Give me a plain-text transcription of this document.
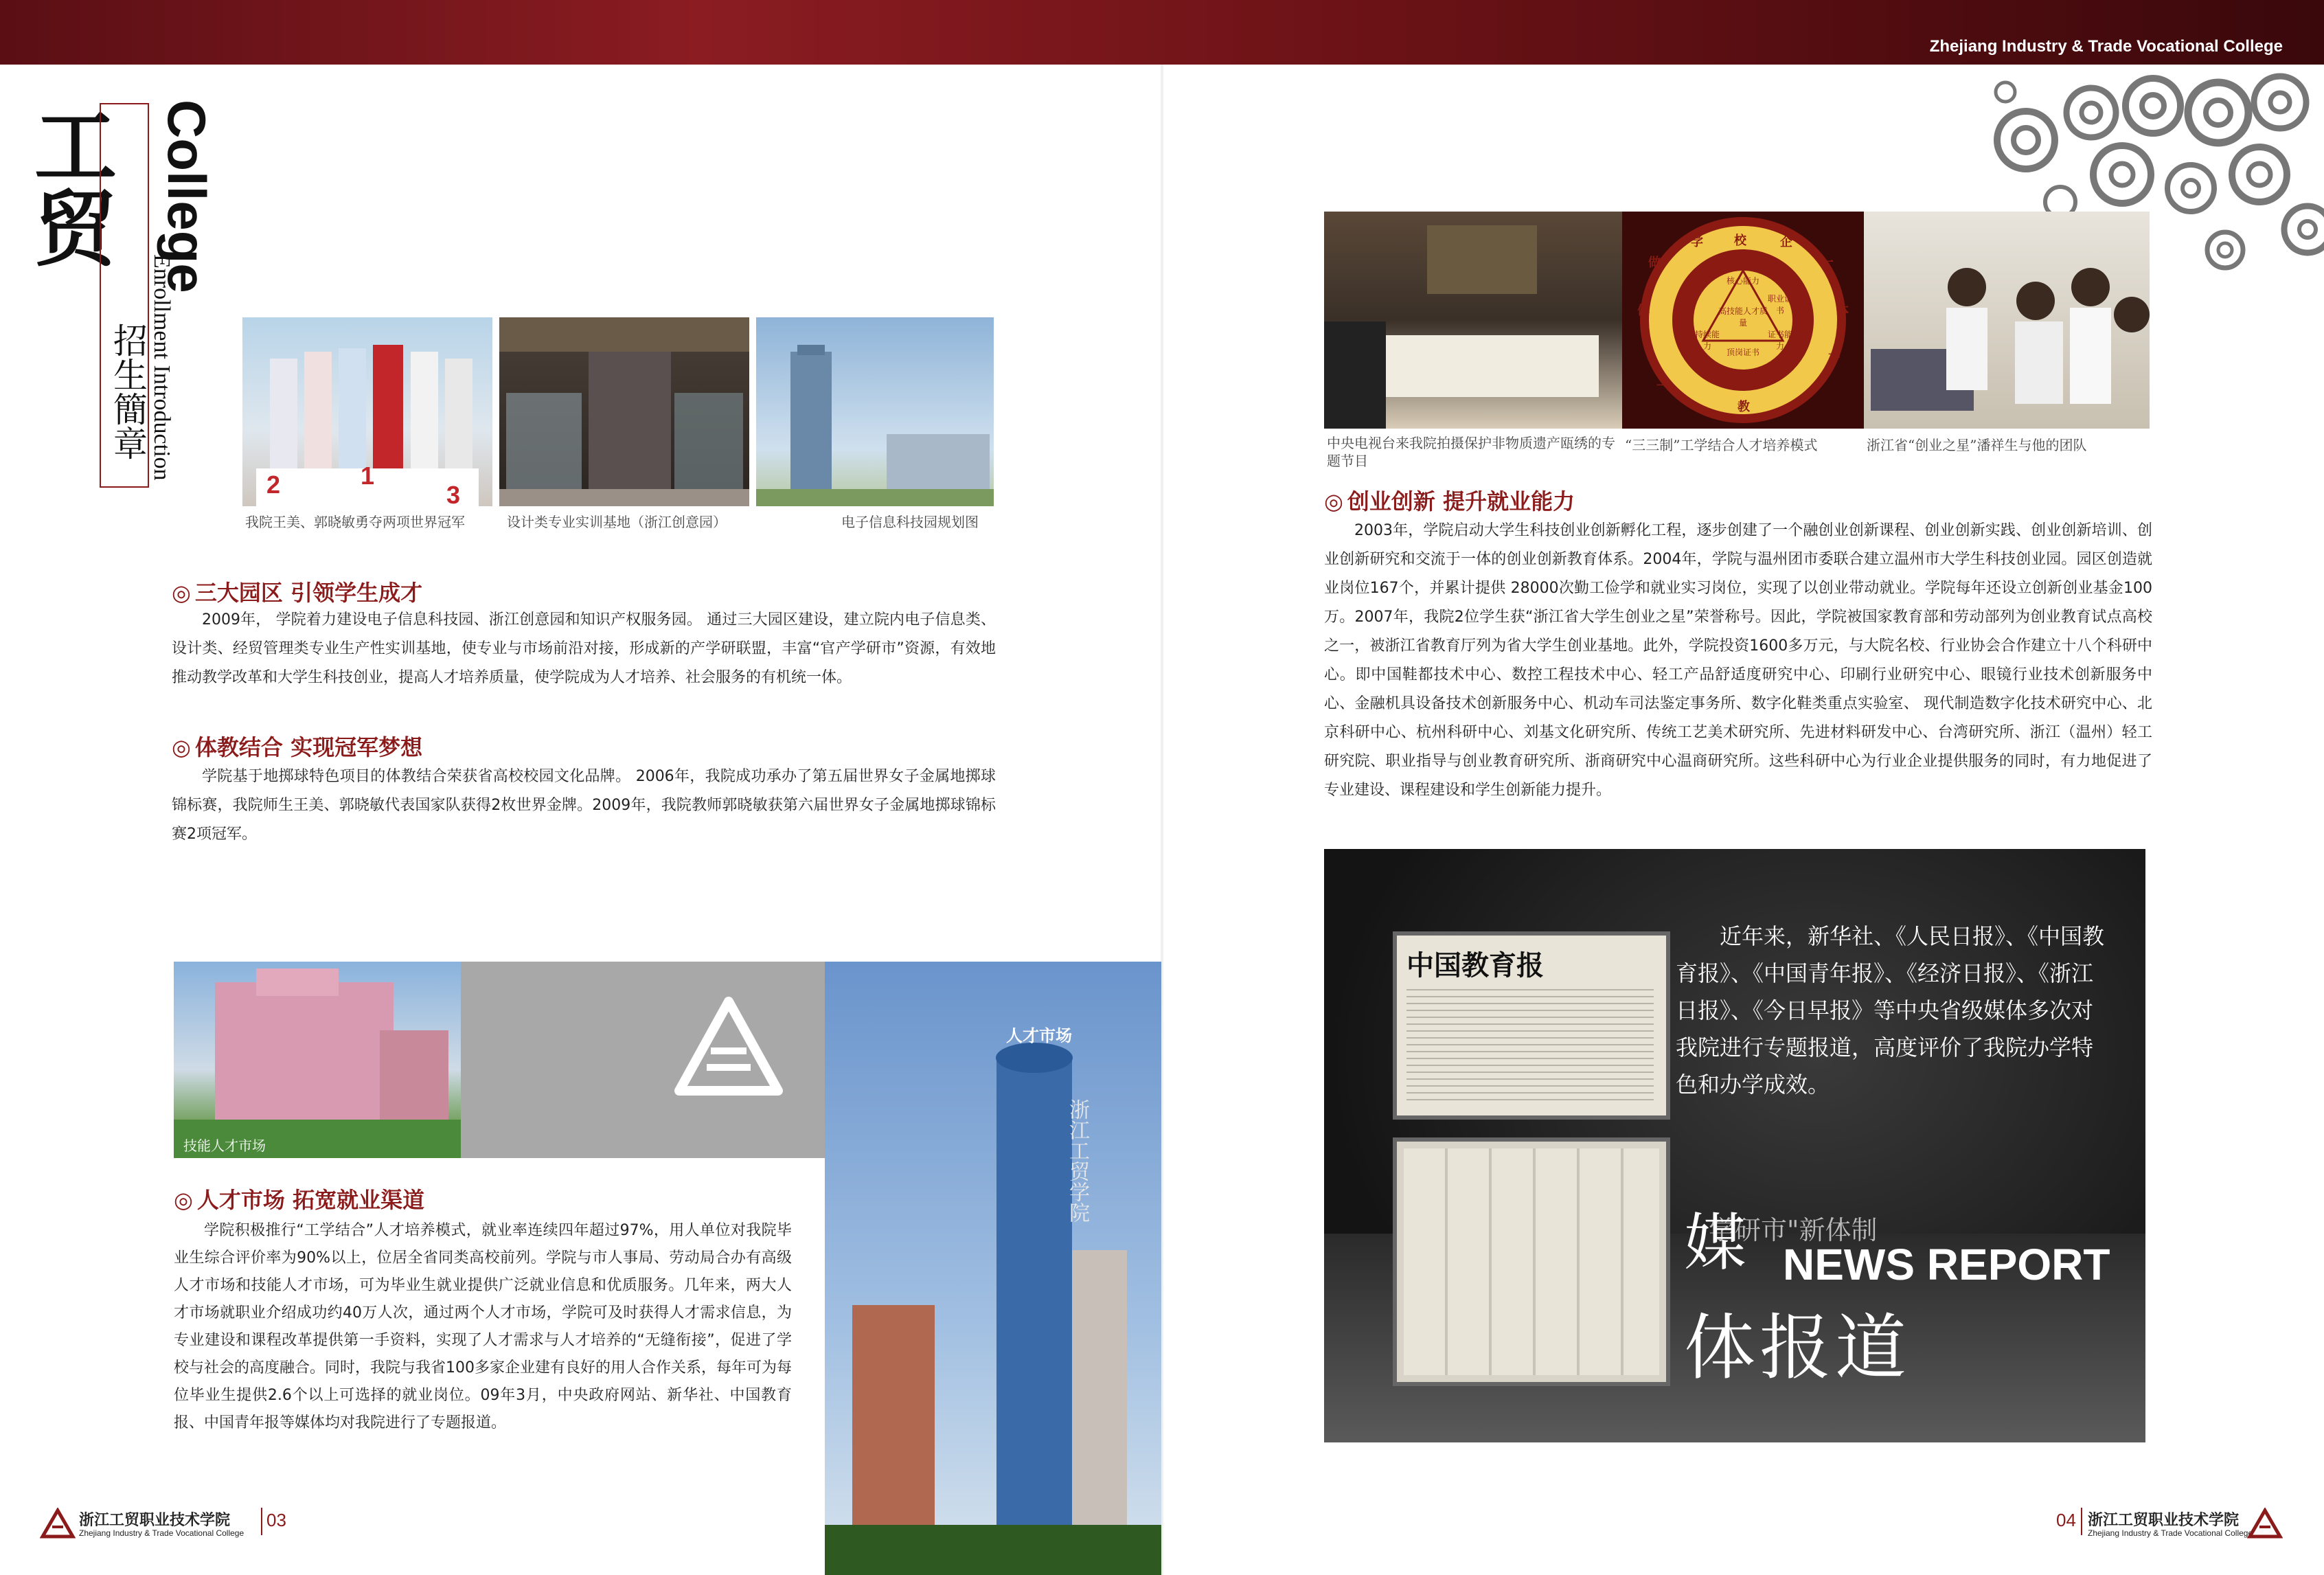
Zhejiang Industry & Trade Vocational College
工贸
招生簡章
College
Enrollment Introduction
2	1
3
我院王美、郭晓敏勇夺两项世界冠军	设计类专业实训基地（浙江创意园）	电子信息科技园规划图
◎ 三大园区 引领学生成才
2009年， 学院着力建设电子信息科技园、浙江创意园和知识产权服务园。 通过三大园区建设，建立院内电子信息类、设计类、经贸管理类专业生产性实训基地，使专业与市场前沿对接，形成新的产学研联盟，丰富“官产学研市”资源，有效地推动教学改革和大学生科技创业，提高人才培养质量，使学院成为人才培养、社会服务的有机统一体。
◎ 体教结合 实现冠军梦想
学院基于地掷球特色项目的体教结合荣获省高校校园文化品牌。 2006年，我院成功承办了第五届世界女子金属地掷球锦标赛，我院师生王美、郭晓敏代表国家队获得2枚世界金牌。2009年，我院教师郭晓敏获第六届世界女子金属地掷球锦标赛2项冠军。
技能人才市场
人才市场
浙江工贸学院
◎ 人才市场 拓宽就业渠道
学院积极推行“工学结合”人才培养模式，就业率连续四年超过97%，用人单位对我院毕业生综合评价率为90%以上，位居全省同类高校前列。学院与市人事局、劳动局合办有高级人才市场和技能人才市场，可为毕业生就业提供广泛就业信息和优质服务。几年来，两大人才市场就职业介绍成功约40万人次，通过两个人才市场，学院可及时获得人才需求信息，为专业建设和课程改革提供第一手资料，实现了人才需求与人才培养的“无缝衔接”，促进了学校与社会的高度融合。同时，我院与我省100多家企业建有良好的用人合作关系，每年可为每位毕业生提供2.6个以上可选择的就业岗位。09年3月，中央政府网站、新华社、中国教育报、中国青年报等媒体均对我院进行了专题报道。
浙江工贸职业技术学院
Zhejiang Industry & Trade Vocational College
03
校	企
一
体
产
教
一
体
做
学
核心能力
职业证书
证书能力
持续能力
高技能人才质量
顶岗证书
中央电视台来我院拍摄保护非物质遗产瓯绣的专题节目
“三三制”工学结合人才培养模式	浙江省“创业之星”潘祥生与他的团队
◎ 创业创新 提升就业能力
2003年，学院启动大学生科技创业创新孵化工程，逐步创建了一个融创业创新课程、创业创新实践、创业创新培训、创业创新研究和交流于一体的创业创新教育体系。2004年，学院与温州团市委联合建立温州市大学生科技创业园。园区创造就业岗位167个，并累计提供 28000次勤工俭学和就业实习岗位，实现了以创业带动就业。学院每年还设立创新创业基金100万。2007年，我院2位学生获“浙江省大学生创业之星”荣誉称号。因此，学院被国家教育部和劳动部列为创业教育试点高校之一，被浙江省教育厅列为省大学生创业基地。此外，学院投资1600多万元，与大院名校、行业协会合作建立十八个科研中心。即中国鞋都技术中心、数控工程技术中心、轻工产品舒适度研究中心、印刷行业研究中心、眼镜行业技术创新服务中心、金融机具设备技术创新服务中心、机动车司法鉴定事务所、数字化鞋类重点实验室、 现代制造数字化技术研究中心、北京科研中心、杭州科研中心、刘基文化研究所、传统工艺美术研究所、先进材料研发中心、台湾研究所、浙江（温州）轻工研究院、职业指导与创业教育研究所、浙商研究中心温商研究所。这些科研中心为行业企业提供服务的同时，有力地促进了专业建设、课程建设和学生创新能力提升。
学研市"新体制
中国教育报
近年来，新华社、《人民日报》、《中国教育报》、《中国青年报》、《经济日报》、《浙江日报》、《今日早报》等中央省级媒体多次对我院进行专题报道，高度评价了我院办学特色和办学成效。
媒 NEWS REPORT
体报道
04 浙江工贸职业技术学院
Zhejiang Industry & Trade Vocational College
